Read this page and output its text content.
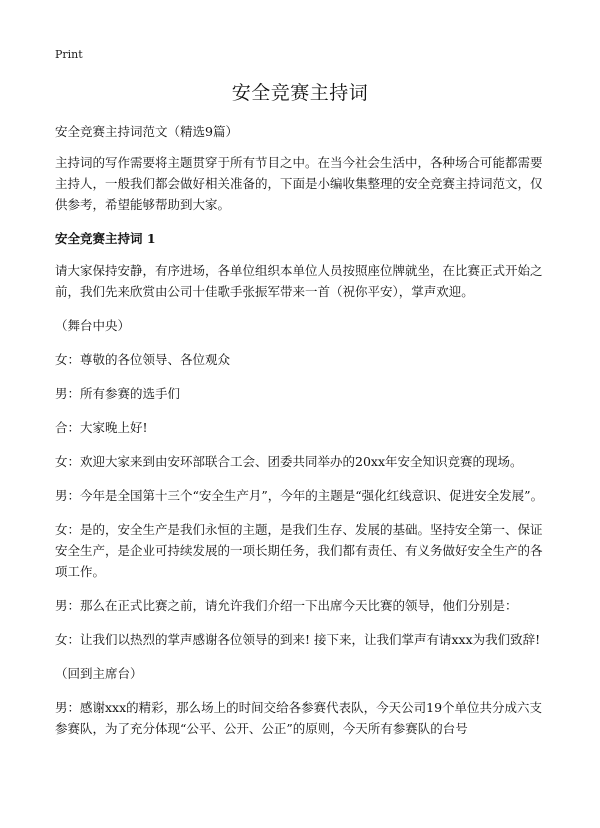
Print
安全竞赛主持词

安全竞赛主持词范文（精选9篇）

主持词的写作需要将主题贯穿于所有节目之中。在当今社会生活中，各种场合可能都需要主持人，一般我们都会做好相关准备的，下面是小编收集整理的安全竞赛主持词范文，仅供参考，希望能够帮助到大家。

安全竞赛主持词 1

请大家保持安静，有序进场，各单位组织本单位人员按照座位牌就坐，在比赛正式开始之前，我们先来欣赏由公司十佳歌手张振军带来一首（祝你平安），掌声欢迎。

（舞台中央）

女：尊敬的各位领导、各位观众

男：所有参赛的选手们

合：大家晚上好!

女：欢迎大家来到由安环部联合工会、团委共同举办的20xx年安全知识竞赛的现场。

男：今年是全国第十三个“安全生产月”，今年的主题是“强化红线意识、促进安全发展”。

女：是的，安全生产是我们永恒的主题，是我们生存、发展的基础。坚持安全第一、保证安全生产，是企业可持续发展的一项长期任务，我们都有责任、有义务做好安全生产的各项工作。

男：那么在正式比赛之前，请允许我们介绍一下出席今天比赛的领导，他们分别是：

女：让我们以热烈的掌声感谢各位领导的到来! 接下来，让我们掌声有请xxx为我们致辞!

（回到主席台）

男：感谢xxx的精彩，那么场上的时间交给各参赛代表队，今天公司19个单位共分成六支参赛队，为了充分体现“公平、公开、公正”的原则，今天所有参赛队的台号
